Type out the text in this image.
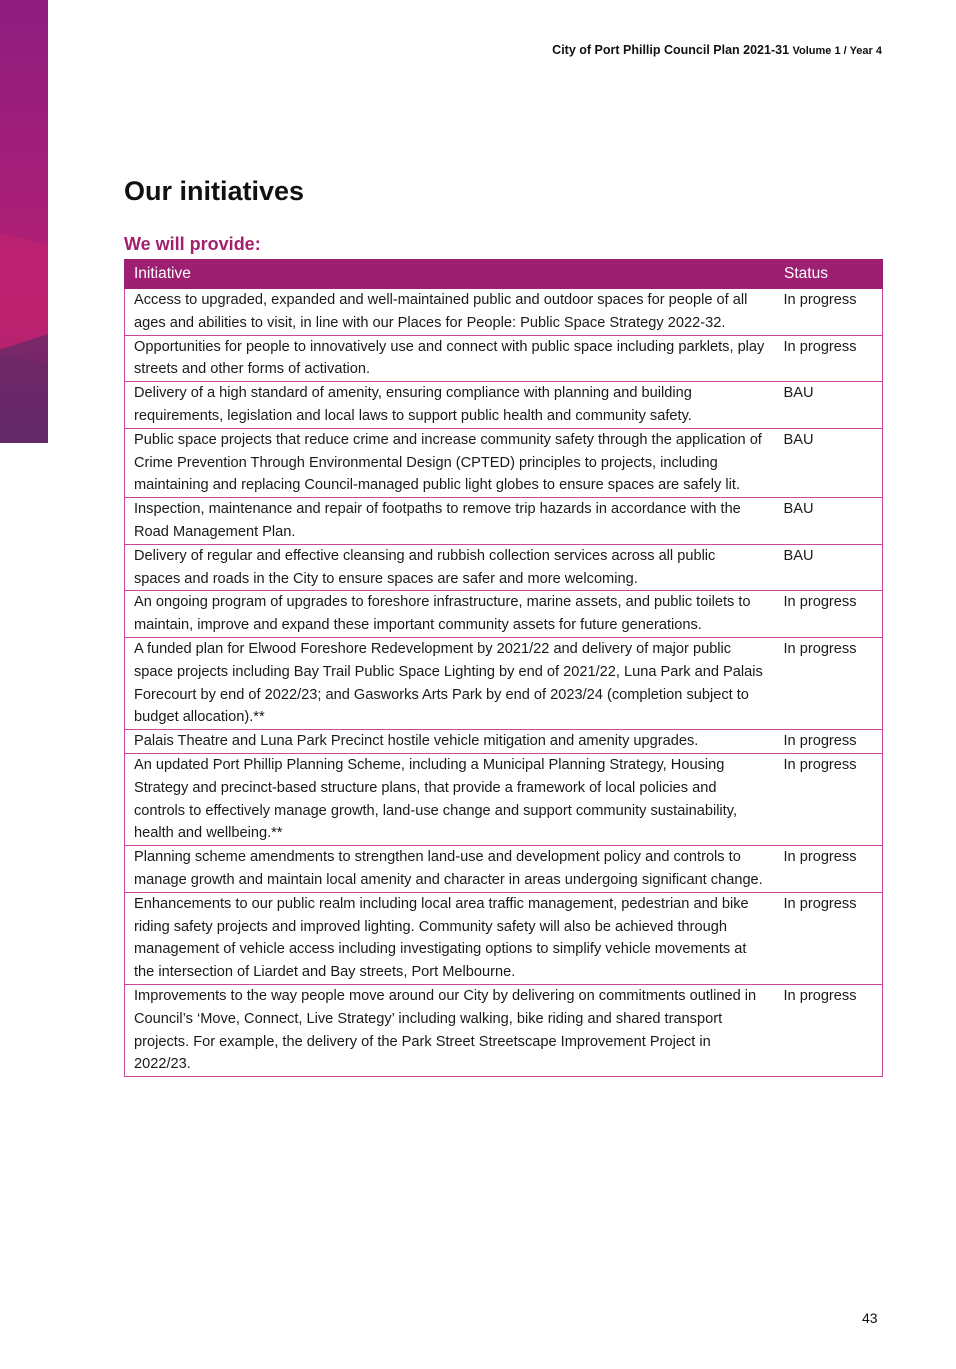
City of Port Phillip Council Plan 2021-31 Volume 1 / Year 4
Our initiatives
We will provide:
Initiative	Status
Access to upgraded, expanded and well-maintained public and outdoor spaces for people of all ages and abilities to visit, in line with our Places for People: Public Space Strategy 2022-32.	In progress
Opportunities for people to innovatively use and connect with public space including parklets, play streets and other forms of activation.	In progress
Delivery of a high standard of amenity, ensuring compliance with planning and building requirements, legislation and local laws to support public health and community safety.	BAU
Public space projects that reduce crime and increase community safety through the application of Crime Prevention Through Environmental Design (CPTED) principles to projects, including maintaining and replacing Council-managed public light globes to ensure spaces are safely lit.	BAU
Inspection, maintenance and repair of footpaths to remove trip hazards in accordance with the Road Management Plan.	BAU
Delivery of regular and effective cleansing and rubbish collection services across all public spaces and roads in the City to ensure spaces are safer and more welcoming.	BAU
An ongoing program of upgrades to foreshore infrastructure, marine assets, and public toilets to maintain, improve and expand these important community assets for future generations.	In progress
A funded plan for Elwood Foreshore Redevelopment by 2021/22 and delivery of major public space projects including Bay Trail Public Space Lighting by end of 2021/22, Luna Park and Palais Forecourt by end of 2022/23; and Gasworks Arts Park by end of 2023/24 (completion subject to budget allocation).**	In progress
Palais Theatre and Luna Park Precinct hostile vehicle mitigation and amenity upgrades.	In progress
An updated Port Phillip Planning Scheme, including a Municipal Planning Strategy, Housing Strategy and precinct-based structure plans, that provide a framework of local policies and controls to effectively manage growth, land-use change and support community sustainability, health and wellbeing.**	In progress
Planning scheme amendments to strengthen land-use and development policy and controls to manage growth and maintain local amenity and character in areas undergoing significant change.	In progress
Enhancements to our public realm including local area traffic management, pedestrian and bike riding safety projects and improved lighting. Community safety will also be achieved through management of vehicle access including investigating options to simplify vehicle movements at the intersection of Liardet and Bay streets, Port Melbourne.	In progress
Improvements to the way people move around our City by delivering on commitments outlined in Council’s ‘Move, Connect, Live Strategy’ including walking, bike riding and shared transport projects. For example, the delivery of the Park Street Streetscape Improvement Project in 2022/23.	In progress
43
